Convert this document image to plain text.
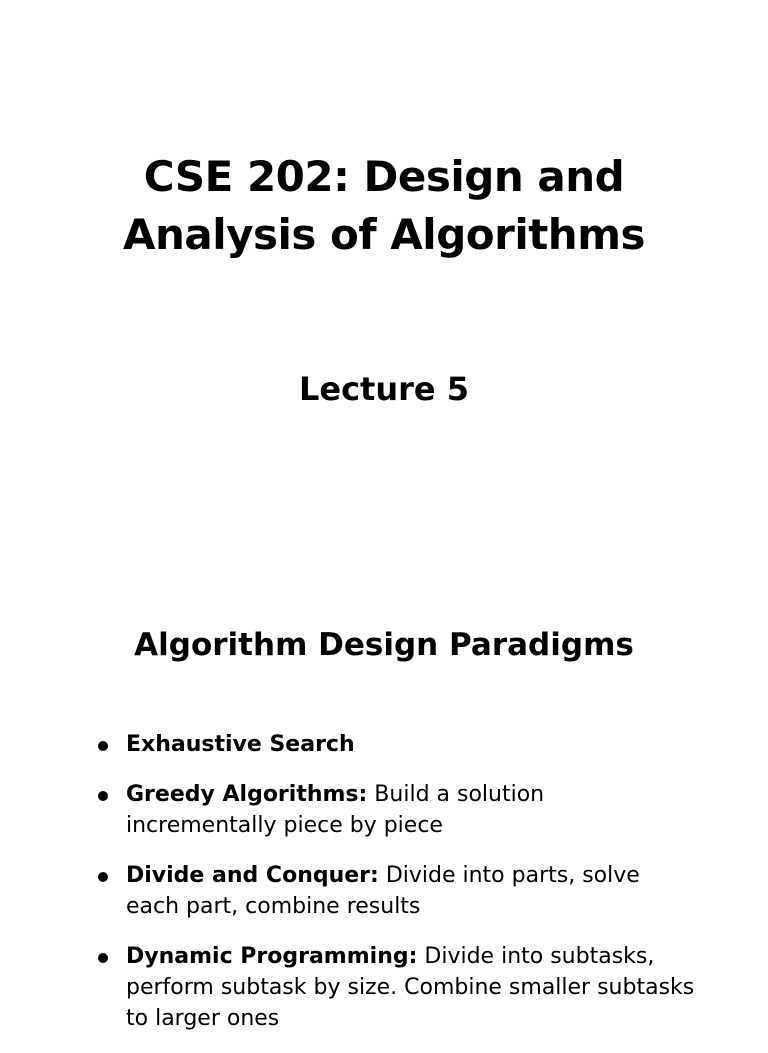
CSE 202: Design and
Analysis of Algorithms
Lecture 5
Algorithm Design Paradigms
Exhaustive Search
Greedy Algorithms: Build a solution incrementally piece by piece
Divide and Conquer: Divide into parts, solve each part, combine results
Dynamic Programming: Divide into subtasks, perform subtask by size. Combine smaller subtasks to larger ones
